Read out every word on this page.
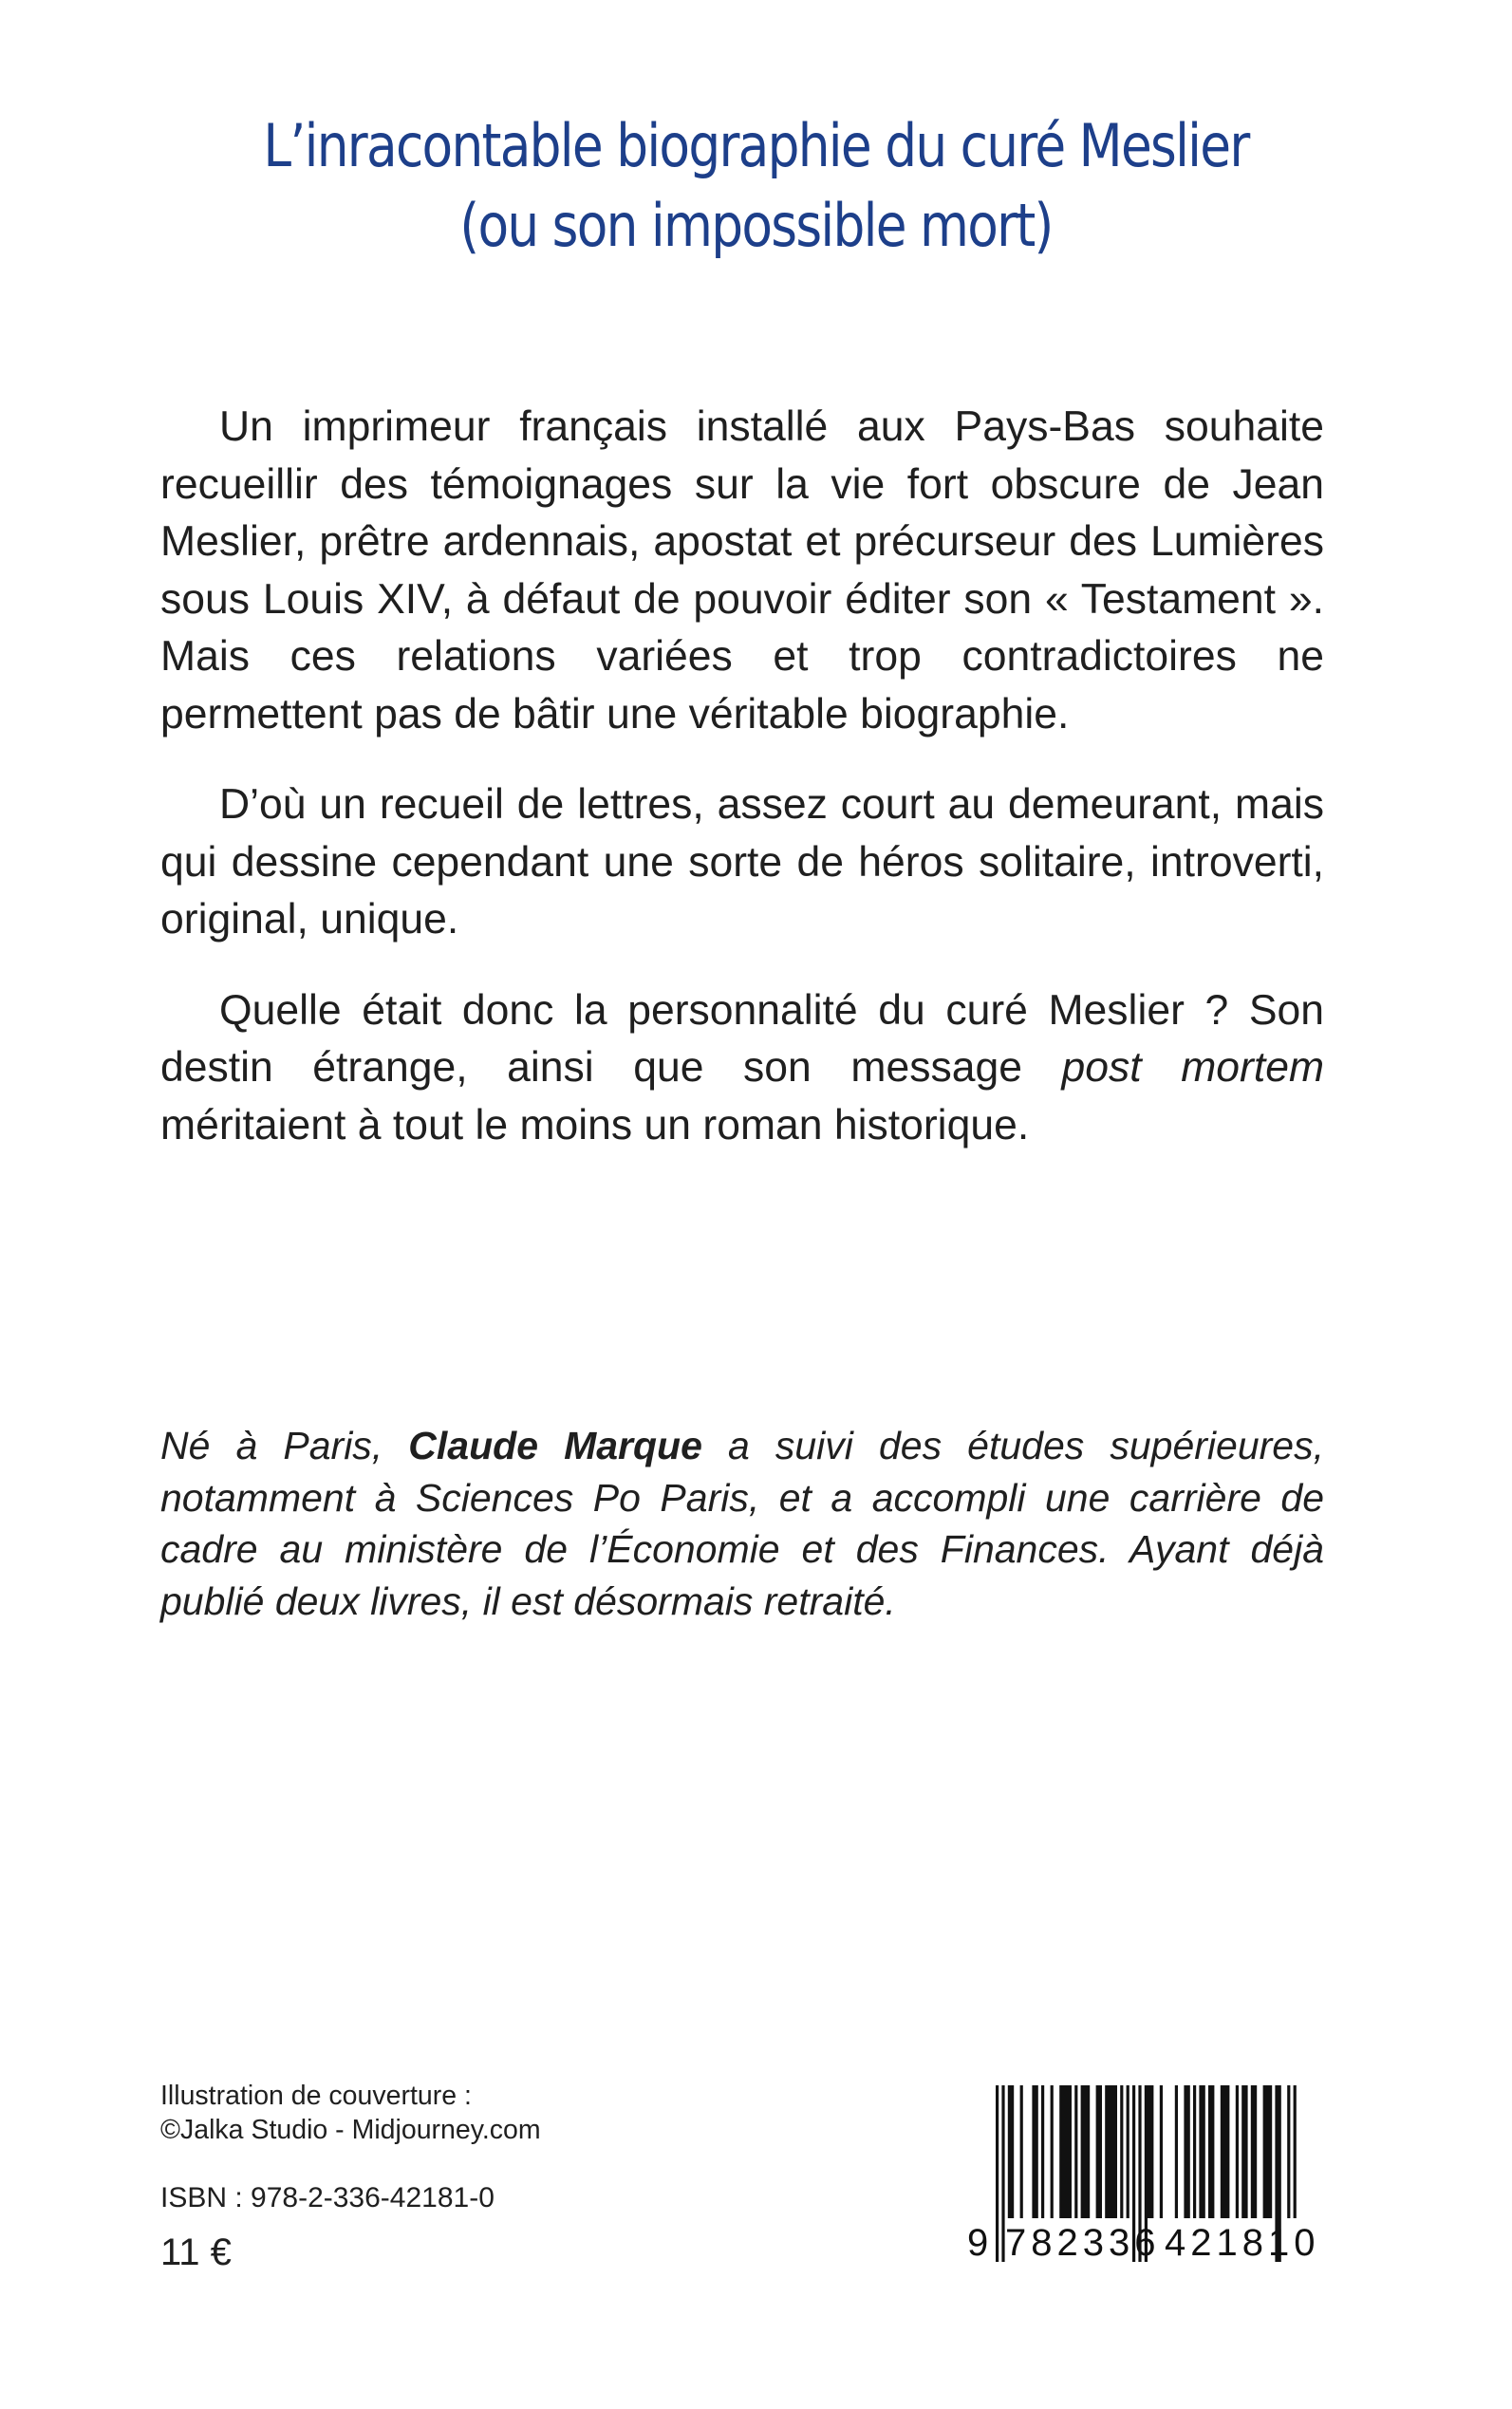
L’inracontable biographie du curé Meslier
(ou son impossible mort)

Un imprimeur français installé aux Pays-Bas souhaite recueillir des témoignages sur la vie fort obscure de Jean Meslier, prêtre ardennais, apostat et précurseur des Lumières sous Louis XIV, à défaut de pouvoir éditer son « Testament ». Mais ces relations variées et trop contradictoires ne permettent pas de bâtir une véritable biographie.

D’où un recueil de lettres, assez court au demeurant, mais qui dessine cependant une sorte de héros solitaire, introverti, original, unique.

Quelle était donc la personnalité du curé Meslier ? Son destin étrange, ainsi que son message post mortem méritaient à tout le moins un roman historique.

Né à Paris, Claude Marque a suivi des études supérieures, notamment à Sciences Po Paris, et a accompli une carrière de cadre au ministère de l’Économie et des Finances. Ayant déjà publié deux livres, il est désormais retraité.
Illustration de couverture :
©Jalka Studio - Midjourney.com
ISBN : 978-2-336-42181-0
11 €	9 782336 421810
